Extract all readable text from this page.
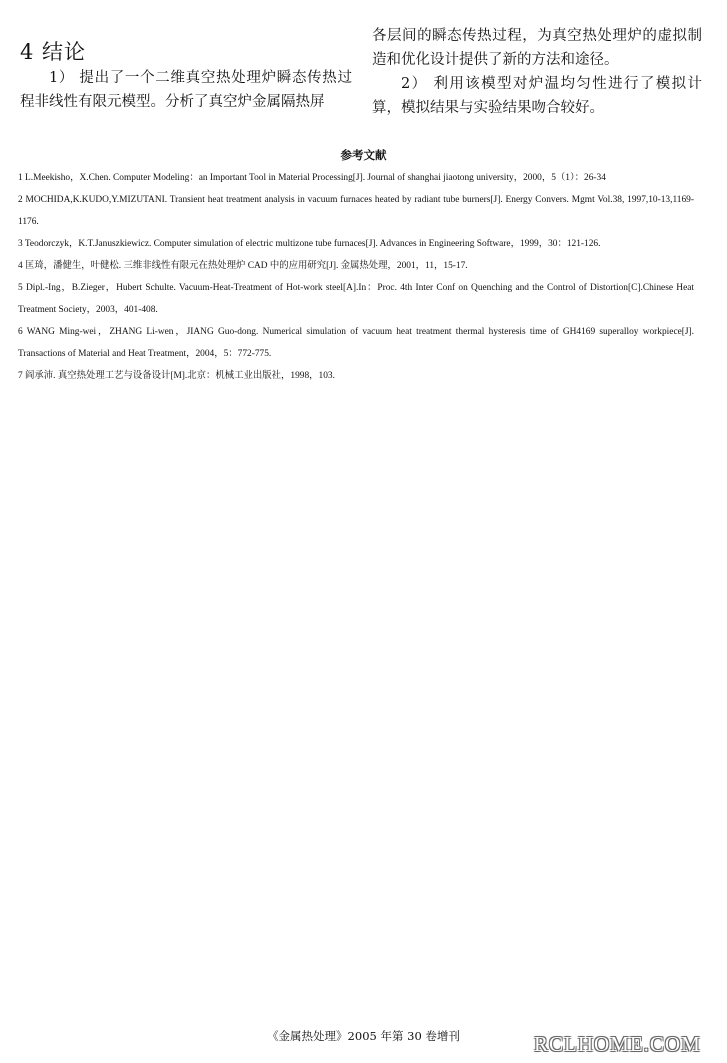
4 结论

1） 提出了一个二维真空热处理炉瞬态传热过程非线性有限元模型。分析了真空炉金属隔热屏

各层间的瞬态传热过程，为真空热处理炉的虚拟制造和优化设计提供了新的方法和途径。

2） 利用该模型对炉温均匀性进行了模拟计算，模拟结果与实验结果吻合较好。

参考文献

1 L.Meekisho，X.Chen. Computer Modeling：an Important Tool in Material Processing[J]. Journal of shanghai jiaotong university，2000，5（1）：26-34

2 MOCHIDA,K.KUDO,Y.MIZUTANI. Transient heat treatment analysis in vacuum furnaces heated by radiant tube burners[J]. Energy Convers. Mgmt Vol.38, 1997,10-13,1169-1176.

3 Teodorczyk，K.T.Januszkiewicz. Computer simulation of electric multizone tube furnaces[J]. Advances in Engineering Software，1999，30：121-126.

4 匡琦，潘健生，叶健松. 三维非线性有限元在热处理炉 CAD 中的应用研究[J]. 金属热处理，2001，11，15-17.

5 Dipl.-Ing，B.Zieger，Hubert Schulte. Vacuum-Heat-Treatment of Hot-work steel[A].In：Proc. 4th Inter Conf on Quenching and the Control of Distortion[C].Chinese Heat Treatment Society，2003，401-408.

6 WANG Ming-wei，ZHANG Li-wen，JIANG Guo-dong. Numerical simulation of vacuum heat treatment thermal hysteresis time of GH4169 superalloy workpiece[J]. Transactions of Material and Heat Treatment，2004，5：772-775.

7 阎承沛. 真空热处理工艺与设备设计[M].北京：机械工业出版社，1998，103.

《金属热处理》2005 年第 30 卷增刊	RCLHOME.COM
